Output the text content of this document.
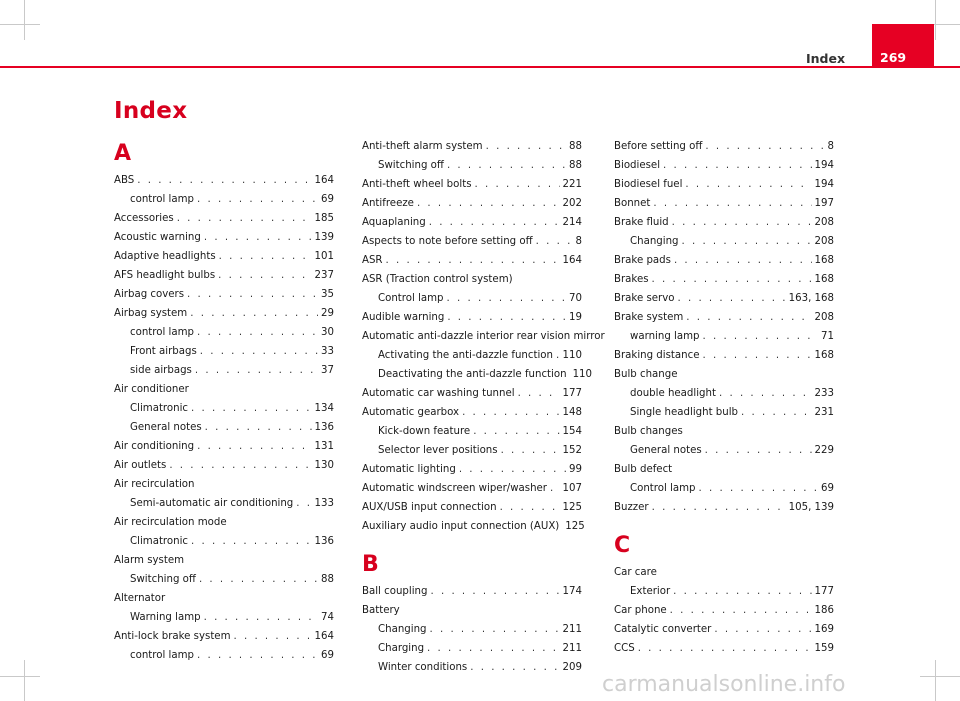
Index	269
Index
A
ABS . . .	164
control lamp . . .	69
Accessories . . .	185
Acoustic warning . . .	139
Adaptive headlights . . .	101
AFS headlight bulbs . . .	237
Airbag covers . . .	35
Airbag system . . .	29
control lamp . . .	30
Front airbags . . .	33
side airbags . . .	37
Air conditioner
Climatronic . . .	134
General notes . . .	136
Air conditioning . . .	131
Air outlets . . .	130
Air recirculation
Semi-automatic air conditioning . . . 133
Air recirculation mode
Climatronic . . .	136
Alarm system
Switching off . . .	88
Alternator
Warning lamp . . .	74
Anti-lock brake system . . .	164
control lamp . . .	69
Anti-theft alarm system . . .	88
Switching off . . .	88
Anti-theft wheel bolts . . .	221
Antifreeze . . .	202
Aquaplaning . . .	214
Aspects to note before setting off . . .	8
ASR . . .	164
ASR (Traction control system)
Control lamp . . .	70
Audible warning . . .	19
Automatic anti-dazzle interior rear vision mirror
Activating the anti-dazzle function . . . 110
Deactivating the anti-dazzle function 110
Automatic car washing tunnel . . .	177
Automatic gearbox . . .	148
Kick-down feature . . .	154
Selector lever positions . . .	152
Automatic lighting . . .	99
Automatic windscreen wiper/washer . . . 107
AUX/USB input connection . . .	125
Auxiliary audio input connection (AUX) 125
B
Ball coupling . . .	174
Battery
Changing . . .	211
Charging . . .	211
Winter conditions . . .	209
Before setting off . . .	8
Biodiesel . . .	194
Biodiesel fuel . . .	194
Bonnet . . .	197
Brake fluid . . .	208
Changing . . .	208
Brake pads . . .	168
Brakes . . .	168
Brake servo . . .	163, 168
Brake system . . .	208
warning lamp . . .	71
Braking distance . . .	168
Bulb change
double headlight . . .	233
Single headlight bulb . . .	231
Bulb changes
General notes . . .	229
Bulb defect
Control lamp . . .	69
Buzzer . . .	105, 139
C
Car care
Exterior . . .	177
Car phone . . .	186
Catalytic converter . . .	169
CCS . . .	159
carmanualsonline.info
